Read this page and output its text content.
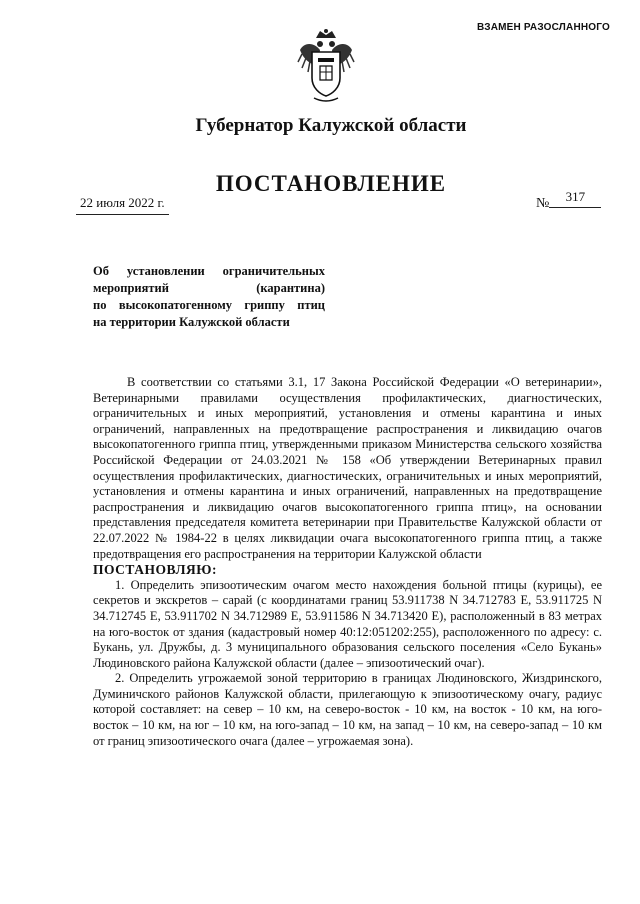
ВЗАМЕН РАЗОСЛАННОГО
Губернатор Калужской области
ПОСТАНОВЛЕНИЕ
22 июля 2022 г.	№ 317
Об установлении ограничительных
мероприятий (карантина)
по высокопатогенному гриппу птиц
на территории Калужской области

В соответствии со статьями 3.1, 17 Закона Российской Федерации «О ветеринарии», Ветеринарными правилами осуществления профилактических, диагностических, ограничительных и иных мероприятий, установления и отмены карантина и иных ограничений, направленных на предотвращение распространения и ликвидацию очагов высокопатогенного гриппа птиц, утвержденными приказом Министерства сельского хозяйства Российской Федерации от 24.03.2021 № 158 «Об утверждении Ветеринарных правил осуществления профилактических, диагностических, ограничительных и иных мероприятий, установления и отмены карантина и иных ограничений, направленных на предотвращение распространения и ликвидацию очагов высокопатогенного гриппа птиц», на основании представления председателя комитета ветеринарии при Правительстве Калужской области от 22.07.2022 № 1984-22 в целях ликвидации очага высокопатогенного гриппа птиц, а также предотвращения его распространения на территории Калужской области

ПОСТАНОВЛЯЮ:

1. Определить эпизоотическим очагом место нахождения больной птицы (курицы), ее секретов и экскретов – сарай (с координатами границ 53.911738 N 34.712783 E, 53.911725 N 34.712745 E, 53.911702 N 34.712989 E, 53.911586 N 34.713420 E), расположенный в 83 метрах на юго-восток от здания (кадастровый номер 40:12:051202:255), расположенного по адресу: с. Букань, ул. Дружбы, д. 3 муниципального образования сельского поселения «Село Букань» Людиновского района Калужской области (далее – эпизоотический очаг).

2. Определить угрожаемой зоной территорию в границах Людиновского, Жиздринского, Думиничского районов Калужской области, прилегающую к эпизоотическому очагу, радиус которой составляет: на север – 10 км, на северо-восток - 10 км, на восток - 10 км, на юго-восток – 10 км, на юг – 10 км, на юго-запад – 10 км, на запад – 10 км, на северо-запад – 10 км от границ эпизоотического очага (далее – угрожаемая зона).
